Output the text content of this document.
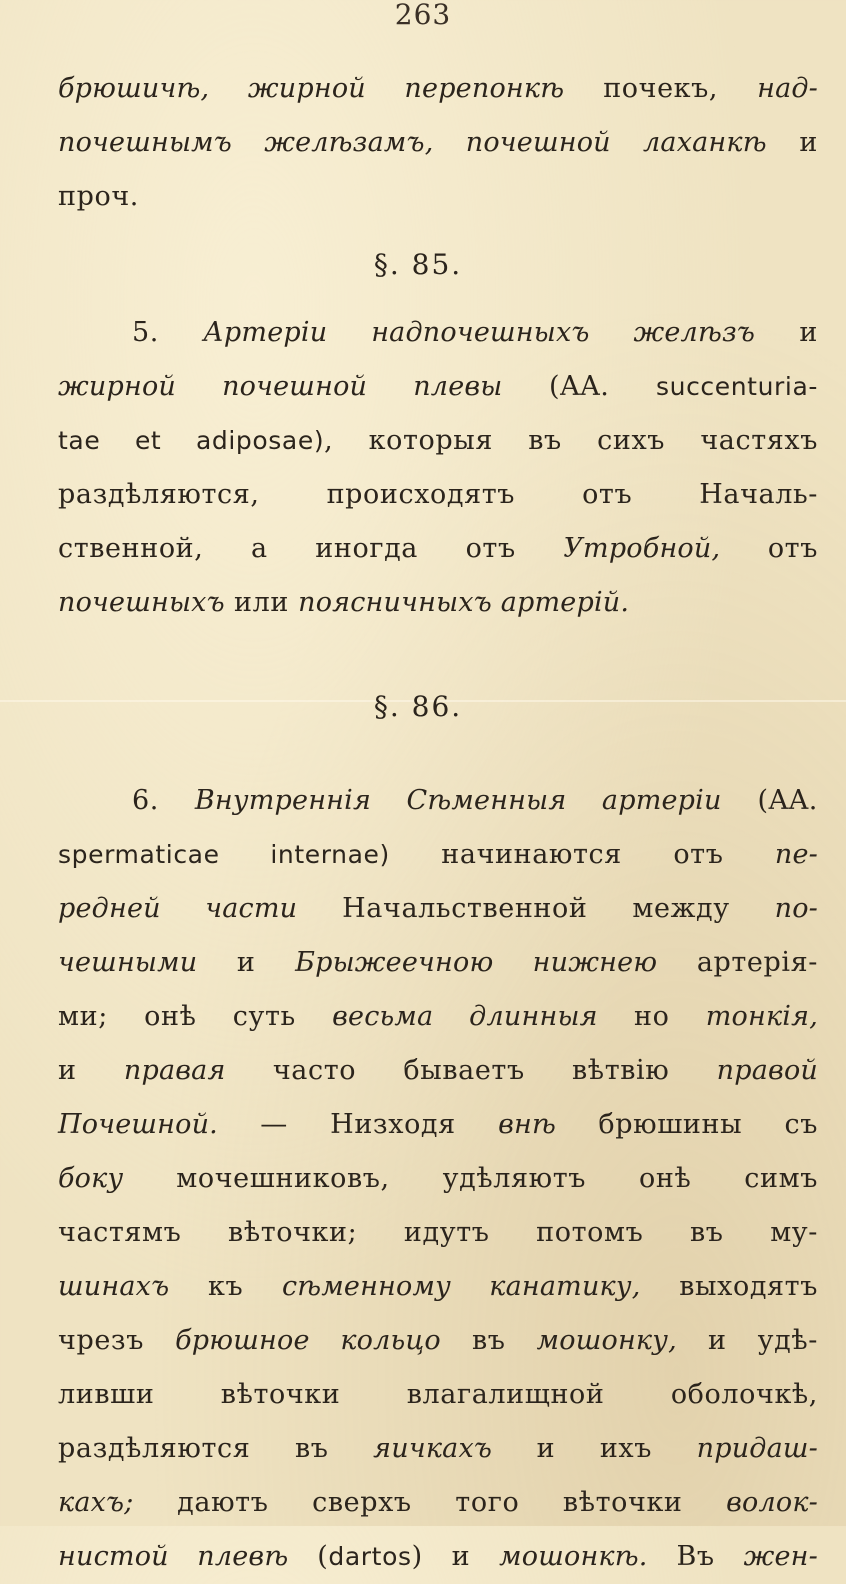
263
брюшичѣ, жирной перепонкѣ почекъ, над-
почешнымъ желѣзамъ, почешной лаханкѣ и
проч.
§. 85.
5. Артеріи надпочешныхъ желѣзъ и
жирной почешной плевы (AA. succenturia-
tae et adiposae), которыя въ сихъ частяхъ
раздѣляются, происходятъ отъ Началь-
ственной, а иногда отъ Утробной, отъ
почешныхъ или поясничныхъ артерій.
§. 86.
6. Внутреннія Сѣменныя артеріи (AA.
spermaticae internae) начинаются отъ пе-
редней части Начальственной между по-
чешными и Брыжеечною нижнею артерія-
ми; онѣ суть весьма длинныя но тонкія,
и правая часто бываетъ вѣтвію правой
Почешной. — Низходя внѣ брюшины съ
боку мочешниковъ, удѣляютъ онѣ симъ
частямъ вѣточки; идутъ потомъ въ му-
шинахъ къ сѣменному канатику, выходятъ
чрезъ брюшное кольцо въ мошонку, и удѣ-
ливши вѣточки влагалищной оболочкѣ,
раздѣляются въ яичкахъ и ихъ придаш-
кахъ; даютъ сверхъ того вѣточки волок-
нистой плевѣ (dartos) и мошонкѣ. Въ жен-
